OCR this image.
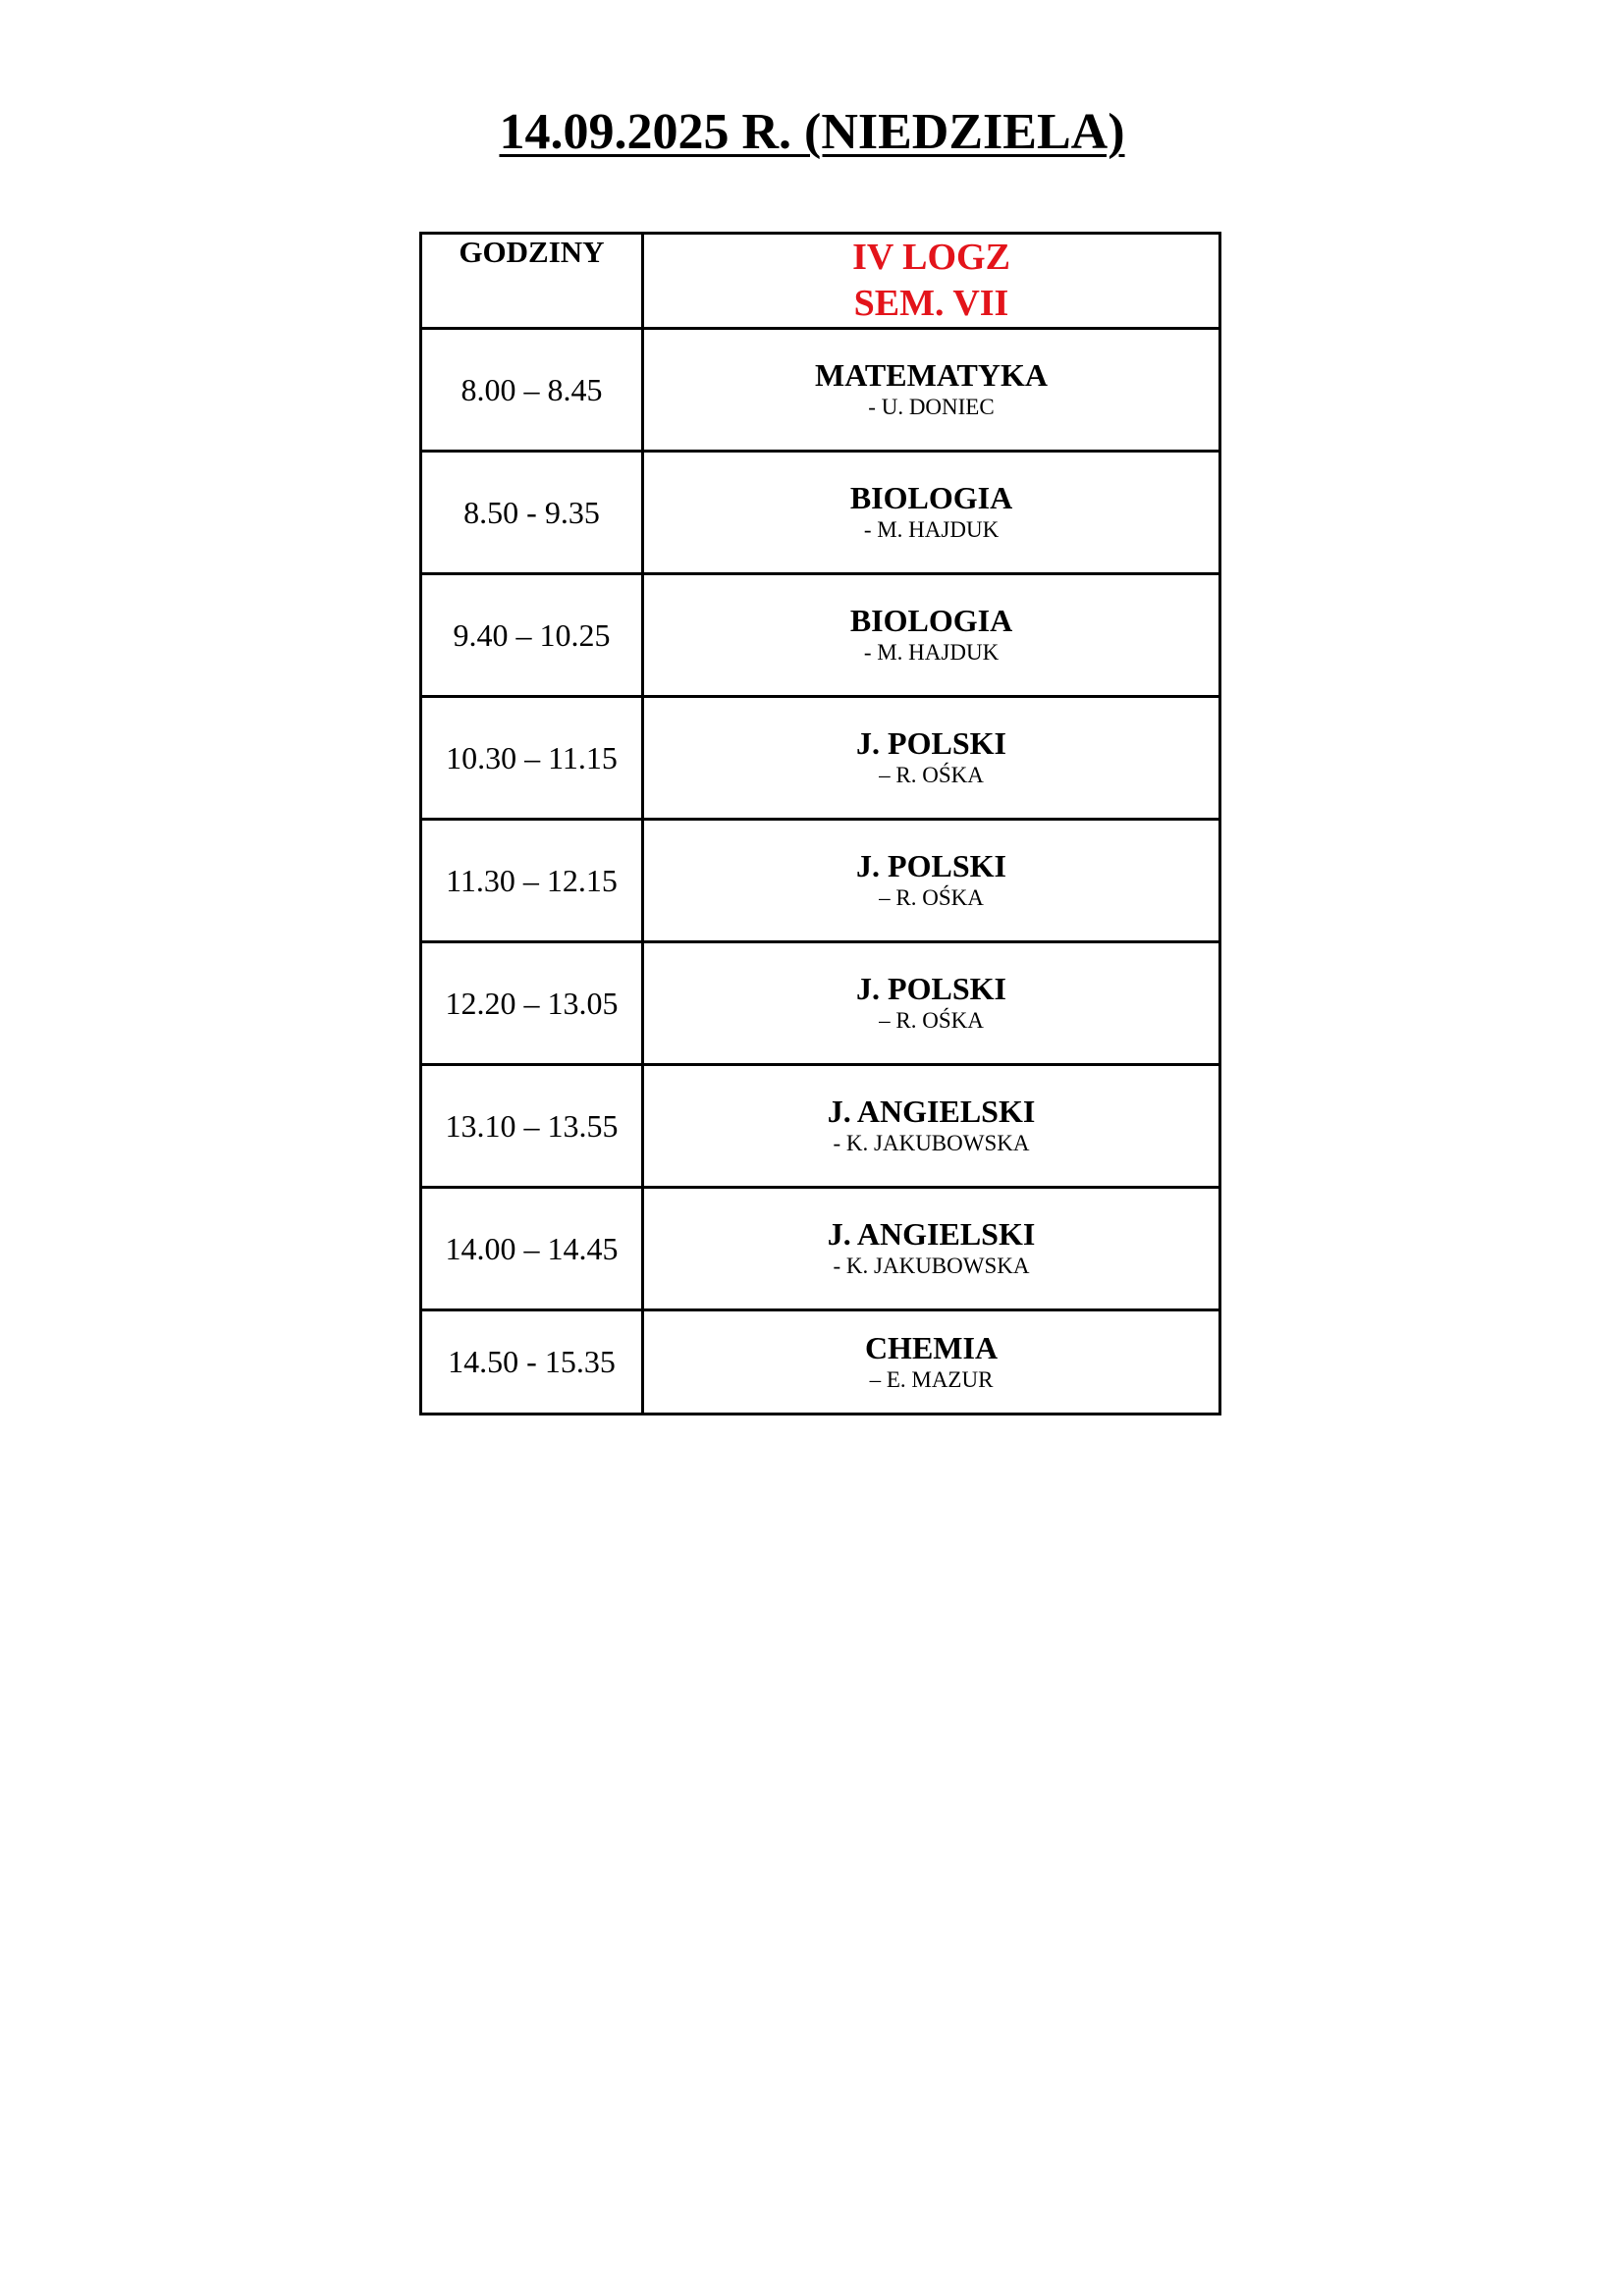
14.09.2025 R. (NIEDZIELA)
GODZINY	IV LOGZ
SEM. VII
8.00 – 8.45	MATEMATYKA
- U. DONIEC

8.50 - 9.35	BIOLOGIA
- M. HAJDUK

9.40 – 10.25	BIOLOGIA
- M. HAJDUK

10.30 – 11.15	J. POLSKI
– R. OŚKA

11.30 – 12.15	J. POLSKI
– R. OŚKA

12.20 – 13.05	J. POLSKI
– R. OŚKA

13.10 – 13.55	J. ANGIELSKI
- K. JAKUBOWSKA

14.00 – 14.45	J. ANGIELSKI
- K. JAKUBOWSKA

14.50 - 15.35	CHEMIA
– E. MAZUR
